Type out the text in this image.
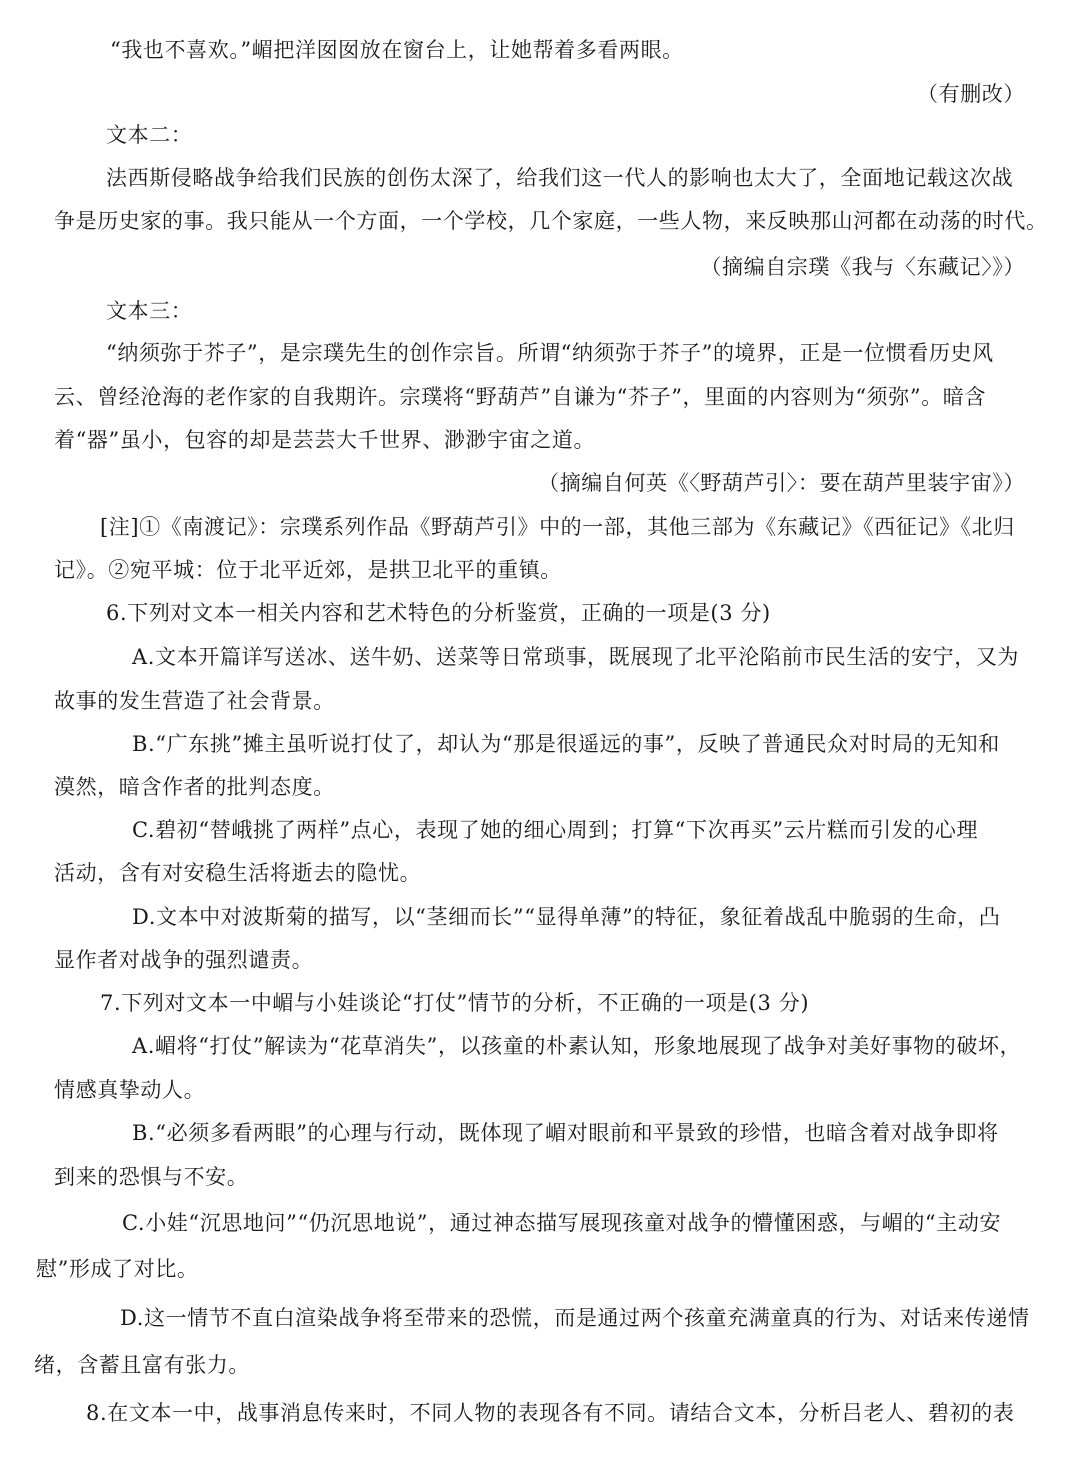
“我也不喜欢。”嵋把洋囡囡放在窗台上，让她帮着多看两眼。
（有删改）
文本二：
法西斯侵略战争给我们民族的创伤太深了，给我们这一代人的影响也太大了，全面地记载这次战
争是历史家的事。我只能从一个方面，一个学校，几个家庭，一些人物，来反映那山河都在动荡的时代。
（摘编自宗璞《我与〈东藏记〉》）
文本三：
“纳须弥于芥子”，是宗璞先生的创作宗旨。所谓“纳须弥于芥子”的境界，正是一位惯看历史风
云、曾经沧海的老作家的自我期许。宗璞将“野葫芦”自谦为“芥子”，里面的内容则为“须弥”。暗含
着“器”虽小，包容的却是芸芸大千世界、渺渺宇宙之道。
（摘编自何英《〈野葫芦引〉：要在葫芦里装宇宙》）
[注]①《南渡记》：宗璞系列作品《野葫芦引》中的一部，其他三部为《东藏记》《西征记》《北归
记》。②宛平城：位于北平近郊，是拱卫北平的重镇。
6.下列对文本一相关内容和艺术特色的分析鉴赏，正确的一项是(3 分)
A.文本开篇详写送冰、送牛奶、送菜等日常琐事，既展现了北平沦陷前市民生活的安宁，又为
故事的发生营造了社会背景。
B.“广东挑”摊主虽听说打仗了，却认为“那是很遥远的事”，反映了普通民众对时局的无知和
漠然，暗含作者的批判态度。
C.碧初“替峨挑了两样”点心，表现了她的细心周到；打算“下次再买”云片糕而引发的心理
活动，含有对安稳生活将逝去的隐忧。
D.文本中对波斯菊的描写，以“茎细而长”“显得单薄”的特征，象征着战乱中脆弱的生命，凸
显作者对战争的强烈谴责。
7.下列对文本一中嵋与小娃谈论“打仗”情节的分析，不正确的一项是(3 分)
A.嵋将“打仗”解读为“花草消失”，以孩童的朴素认知，形象地展现了战争对美好事物的破坏，
情感真挚动人。
B.“必须多看两眼”的心理与行动，既体现了嵋对眼前和平景致的珍惜，也暗含着对战争即将
到来的恐惧与不安。
C.小娃“沉思地问”“仍沉思地说”，通过神态描写展现孩童对战争的懵懂困惑，与嵋的“主动安
慰”形成了对比。
D.这一情节不直白渲染战争将至带来的恐慌，而是通过两个孩童充满童真的行为、对话来传递情
绪，含蓄且富有张力。
8.在文本一中，战事消息传来时，不同人物的表现各有不同。请结合文本，分析吕老人、碧初的表
